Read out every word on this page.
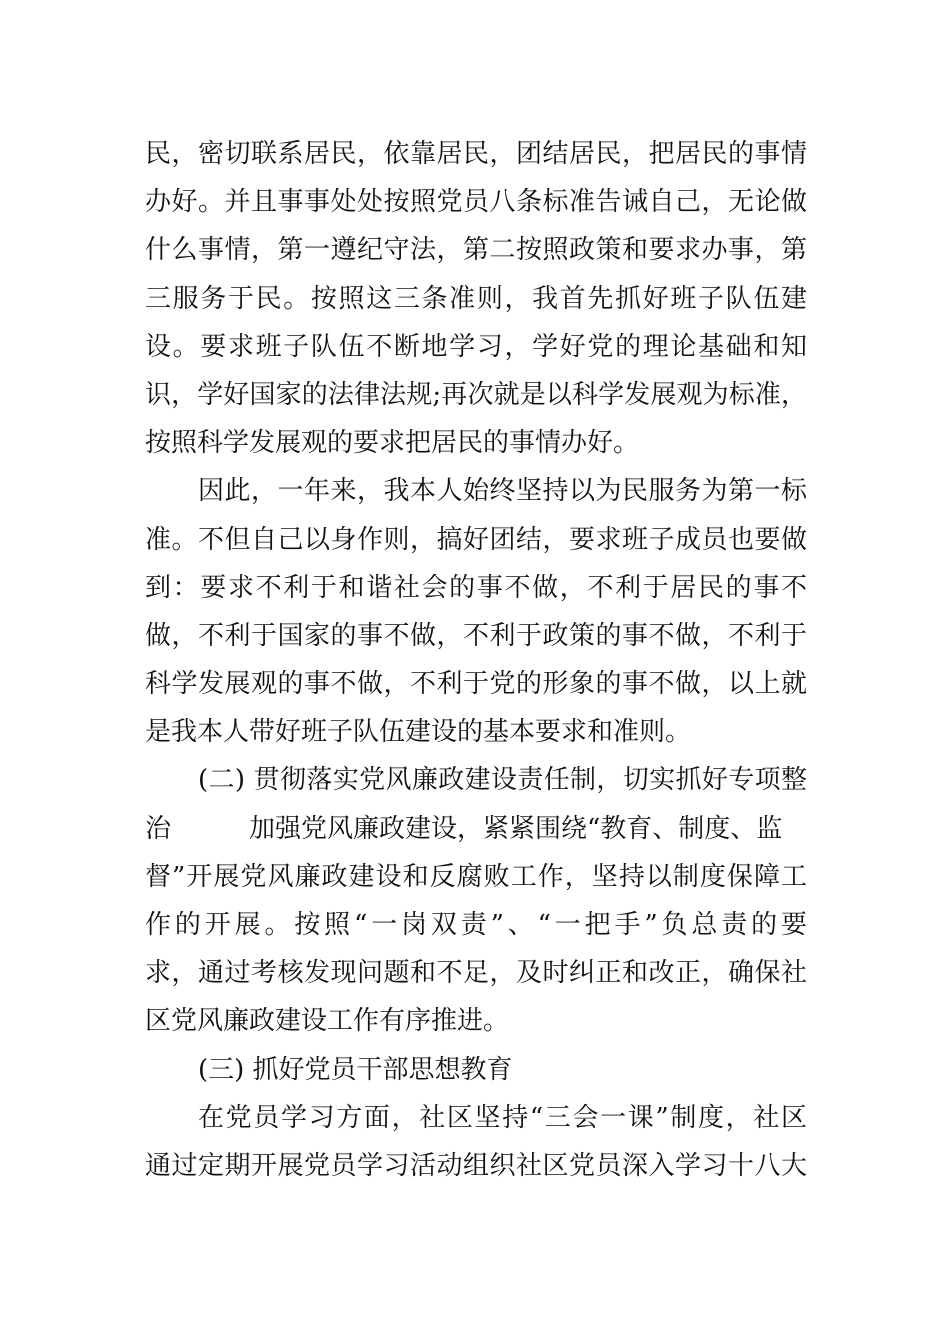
民，密切联系居民，依靠居民，团结居民，把居民的事情
办好。并且事事处处按照党员八条标准告诫自己，无论做
什么事情，第一遵纪守法，第二按照政策和要求办事，第
三服务于民。按照这三条准则，我首先抓好班子队伍建
设。要求班子队伍不断地学习，学好党的理论基础和知
识，学好国家的法律法规;再次就是以科学发展观为标准，
按照科学发展观的要求把居民的事情办好。
因此，一年来，我本人始终坚持以为民服务为第一标
准。不但自己以身作则，搞好团结，要求班子成员也要做
到：要求不利于和谐社会的事不做，不利于居民的事不
做，不利于国家的事不做，不利于政策的事不做，不利于
科学发展观的事不做，不利于党的形象的事不做，以上就
是我本人带好班子队伍建设的基本要求和准则。
(二) 贯彻落实党风廉政建设责任制，切实抓好专项整
治	加强党风廉政建设，紧紧围绕“教育、制度、监
督”开展党风廉政建设和反腐败工作，坚持以制度保障工
作的开展。按照“一岗双责”、“一把手”负总责的要
求，通过考核发现问题和不足，及时纠正和改正，确保社
区党风廉政建设工作有序推进。
(三) 抓好党员干部思想教育
在党员学习方面，社区坚持“三会一课”制度，社区
通过定期开展党员学习活动组织社区党员深入学习十八大
